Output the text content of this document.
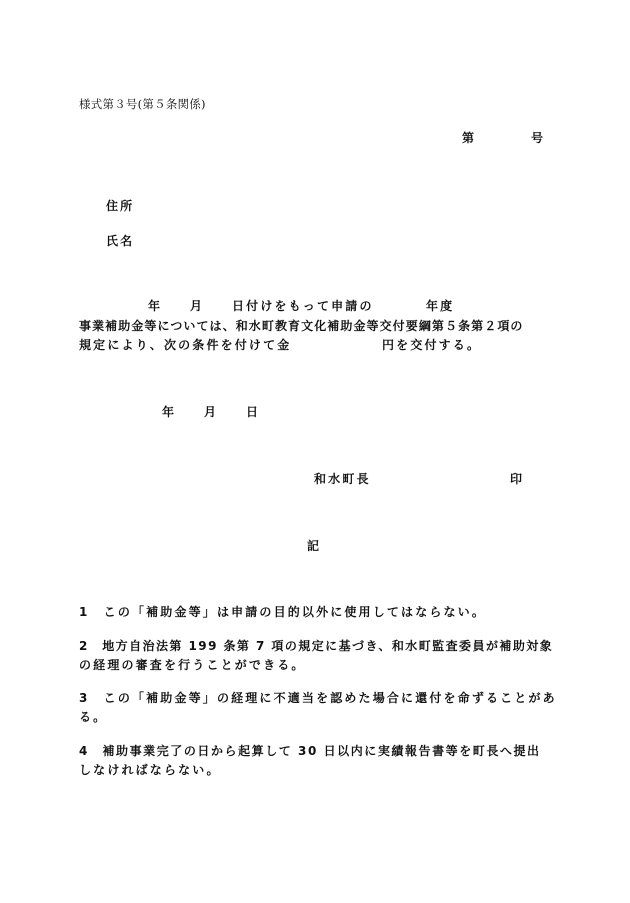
様式第３号(第５条関係)
第	号
住所
氏名
年 月 日付けをもって申請の	年度
事業補助金等については、和水町教育文化補助金等交付要綱第５条第２項の
規定により、次の条件を付けて金	円を交付する。
年 月 日
和水町長	印
記
1　この「補助金等」は申請の目的以外に使用してはならない。
2　地方自治法第 199 条第 7 項の規定に基づき、和水町監査委員が補助対象
の経理の審査を行うことができる。
3　この「補助金等」の経理に不適当を認めた場合に還付を命ずることがあ
る。
4　補助事業完了の日から起算して 30 日以内に実績報告書等を町長へ提出
しなければならない。
